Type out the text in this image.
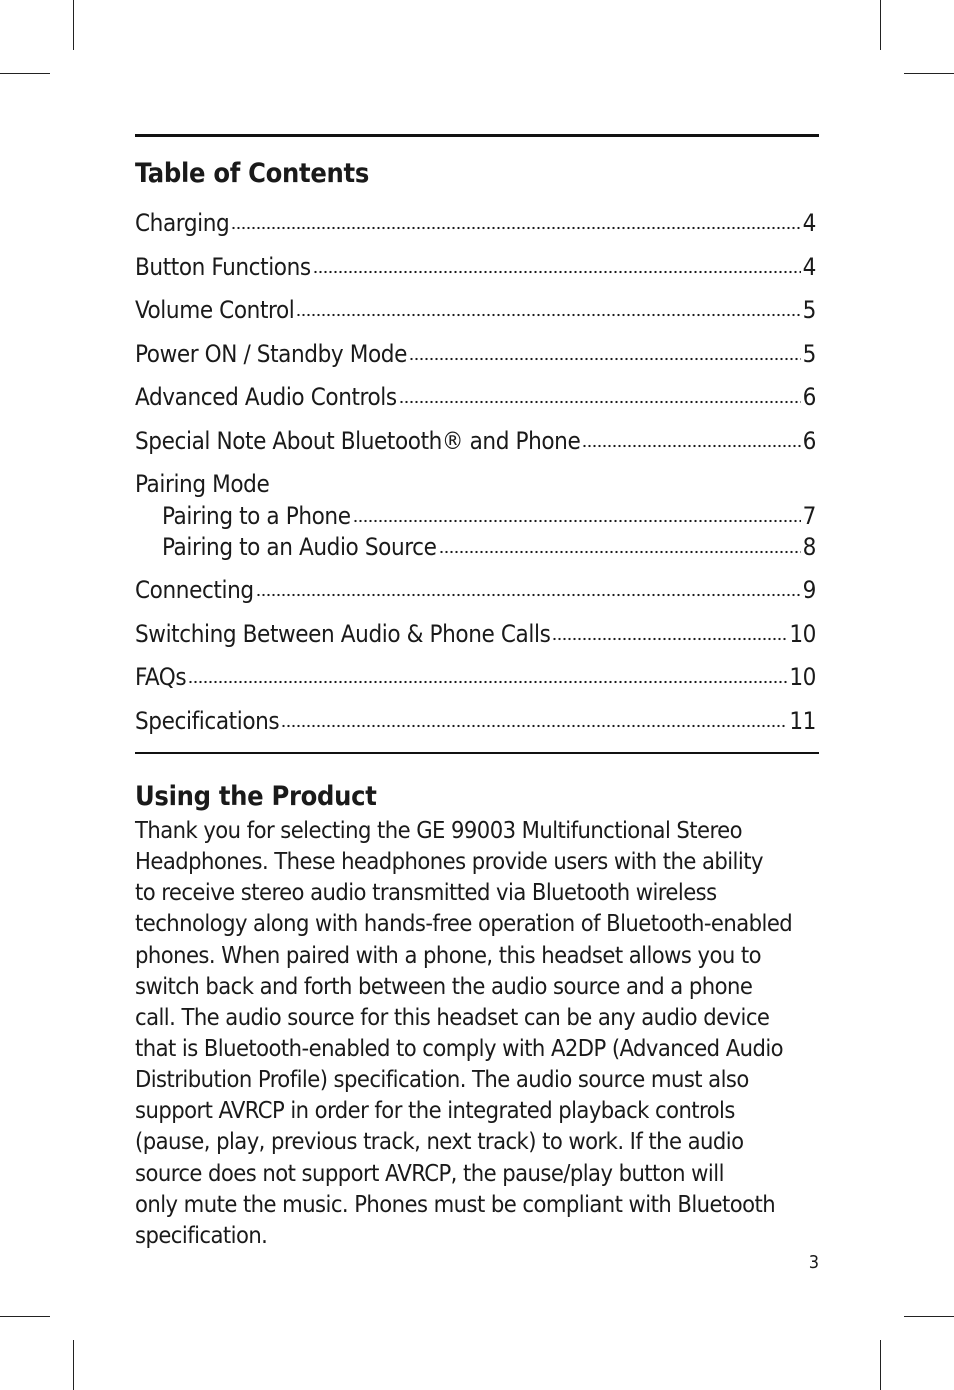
Table of Contents
Charging	4
Button Functions	4
Volume Control	5
Power ON / Standby Mode	5
Advanced Audio Controls	6
Special Note About Bluetooth® and Phone	6
Pairing Mode
Pairing to a Phone	7
Pairing to an Audio Source	8
Connecting	9
Switching Between Audio & Phone Calls	10
FAQs	10
Specifications	11
Using the Product
Thank you for selecting the GE 99003 Multifunctional Stereo
Headphones. These headphones provide users with the ability
to receive stereo audio transmitted via Bluetooth wireless
technology along with hands-free operation of Bluetooth-enabled
phones. When paired with a phone, this headset allows you to
switch back and forth between the audio source and a phone
call. The audio source for this headset can be any audio device
that is Bluetooth-enabled to comply with A2DP (Advanced Audio
Distribution Profile) specification. The audio source must also
support AVRCP in order for the integrated playback controls
(pause, play, previous track, next track) to work. If the audio
source does not support AVRCP, the pause/play button will
only mute the music. Phones must be compliant with Bluetooth
specification.

3
